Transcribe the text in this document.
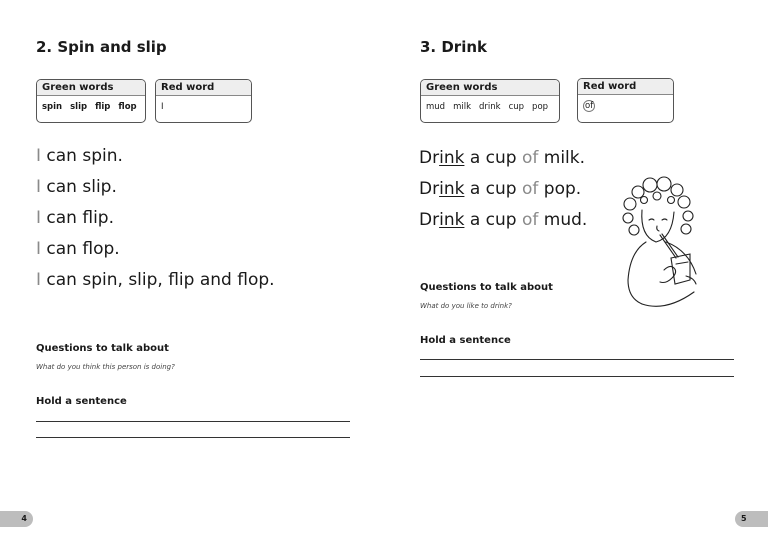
2. Spin and slip
Green words
spin slip flip flop
Red word
I
I can spin.
I can slip.
I can flip.
I can flop.
I can spin, slip, flip and flop.
Questions to talk about
What do you think this person is doing?
Hold a sentence
4
3. Drink
Green words
mud milk drink cup pop
Red word
of
Drink a cup of milk.
Drink a cup of pop.
Drink a cup of mud.
Questions to talk about
What do you like to drink?
Hold a sentence
5
